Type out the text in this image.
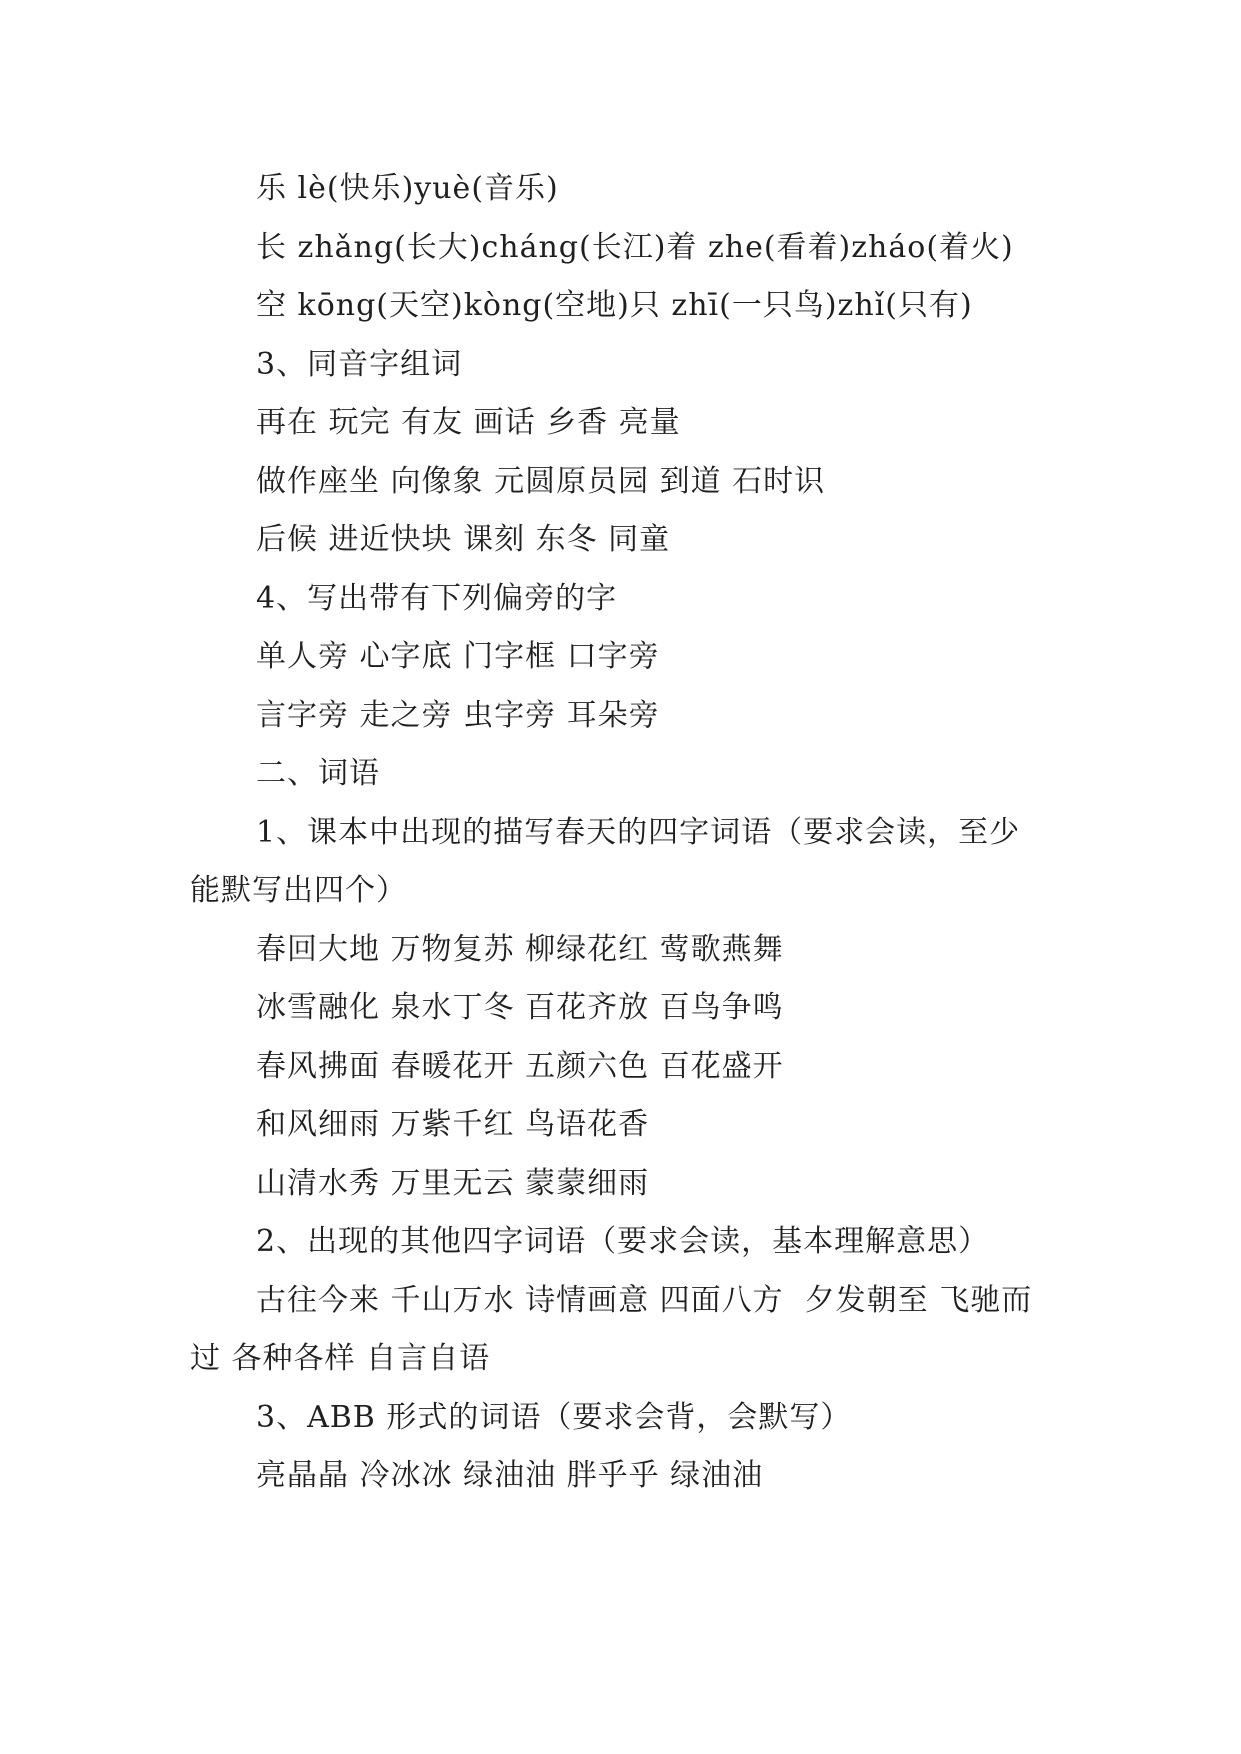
乐 lè(快乐)yuè(音乐)

长 zhǎng(长大)cháng(长江)着 zhe(看着)zháo(着火)

空 kōng(天空)kòng(空地)只 zhī(一只鸟)zhǐ(只有)

3、同音字组词

再在 玩完 有友 画话 乡香 亮量

做作座坐 向像象 元圆原员园 到道 石时识

后候 进近快块 课刻 东冬 同童

4、写出带有下列偏旁的字

单人旁 心字底 门字框 口字旁

言字旁 走之旁 虫字旁 耳朵旁

二、词语

1、课本中出现的描写春天的四字词语（要求会读，至少能默写出四个）

春回大地 万物复苏 柳绿花红 莺歌燕舞

冰雪融化 泉水丁冬 百花齐放 百鸟争鸣

春风拂面 春暖花开 五颜六色 百花盛开

和风细雨 万紫千红 鸟语花香

山清水秀 万里无云 蒙蒙细雨

2、出现的其他四字词语（要求会读，基本理解意思）

古往今来 千山万水 诗情画意 四面八方  夕发朝至 飞驰而过 各种各样 自言自语

3、ABB 形式的词语（要求会背，会默写）

亮晶晶 冷冰冰 绿油油 胖乎乎 绿油油
